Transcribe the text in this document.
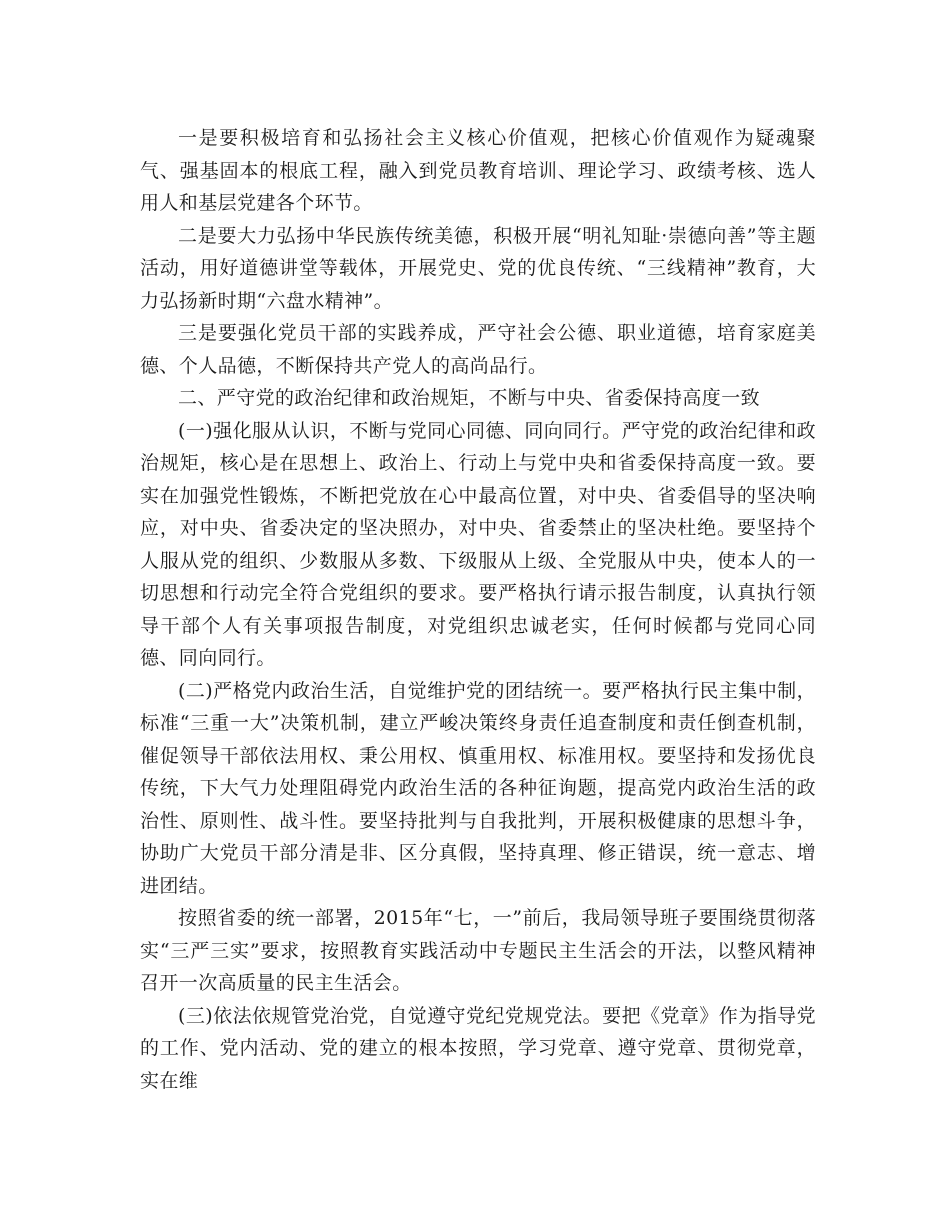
一是要积极培育和弘扬社会主义核心价值观，把核心价值观作为疑魂聚气、强基固本的根底工程，融入到党员教育培训、理论学习、政绩考核、选人用人和基层党建各个环节。

二是要大力弘扬中华民族传统美德，积极开展“明礼知耻·崇德向善”等主题活动，用好道德讲堂等载体，开展党史、党的优良传统、“三线精神”教育，大力弘扬新时期“六盘水精神”。

三是要强化党员干部的实践养成，严守社会公德、职业道德，培育家庭美德、个人品德，不断保持共产党人的高尚品行。

二、严守党的政治纪律和政治规矩，不断与中央、省委保持高度一致

(一)强化服从认识，不断与党同心同德、同向同行。严守党的政治纪律和政治规矩，核心是在思想上、政治上、行动上与党中央和省委保持高度一致。要实在加强党性锻炼，不断把党放在心中最高位置，对中央、省委倡导的坚决响应，对中央、省委决定的坚决照办，对中央、省委禁止的坚决杜绝。要坚持个人服从党的组织、少数服从多数、下级服从上级、全党服从中央，使本人的一切思想和行动完全符合党组织的要求。要严格执行请示报告制度，认真执行领导干部个人有关事项报告制度，对党组织忠诚老实，任何时候都与党同心同德、同向同行。

(二)严格党内政治生活，自觉维护党的团结统一。要严格执行民主集中制，标准“三重一大”决策机制，建立严峻决策终身责任追查制度和责任倒查机制，催促领导干部依法用权、秉公用权、慎重用权、标准用权。要坚持和发扬优良传统，下大气力处理阻碍党内政治生活的各种征询题，提高党内政治生活的政治性、原则性、战斗性。要坚持批判与自我批判，开展积极健康的思想斗争，协助广大党员干部分清是非、区分真假，坚持真理、修正错误，统一意志、增进团结。

按照省委的统一部署，2015年“七，一”前后，我局领导班子要围绕贯彻落实“三严三实”要求，按照教育实践活动中专题民主生活会的开法，以整风精神召开一次高质量的民主生活会。

(三)依法依规管党治党，自觉遵守党纪党规党法。要把《党章》作为指导党的工作、党内活动、党的建立的根本按照，学习党章、遵守党章、贯彻党章，实在维
